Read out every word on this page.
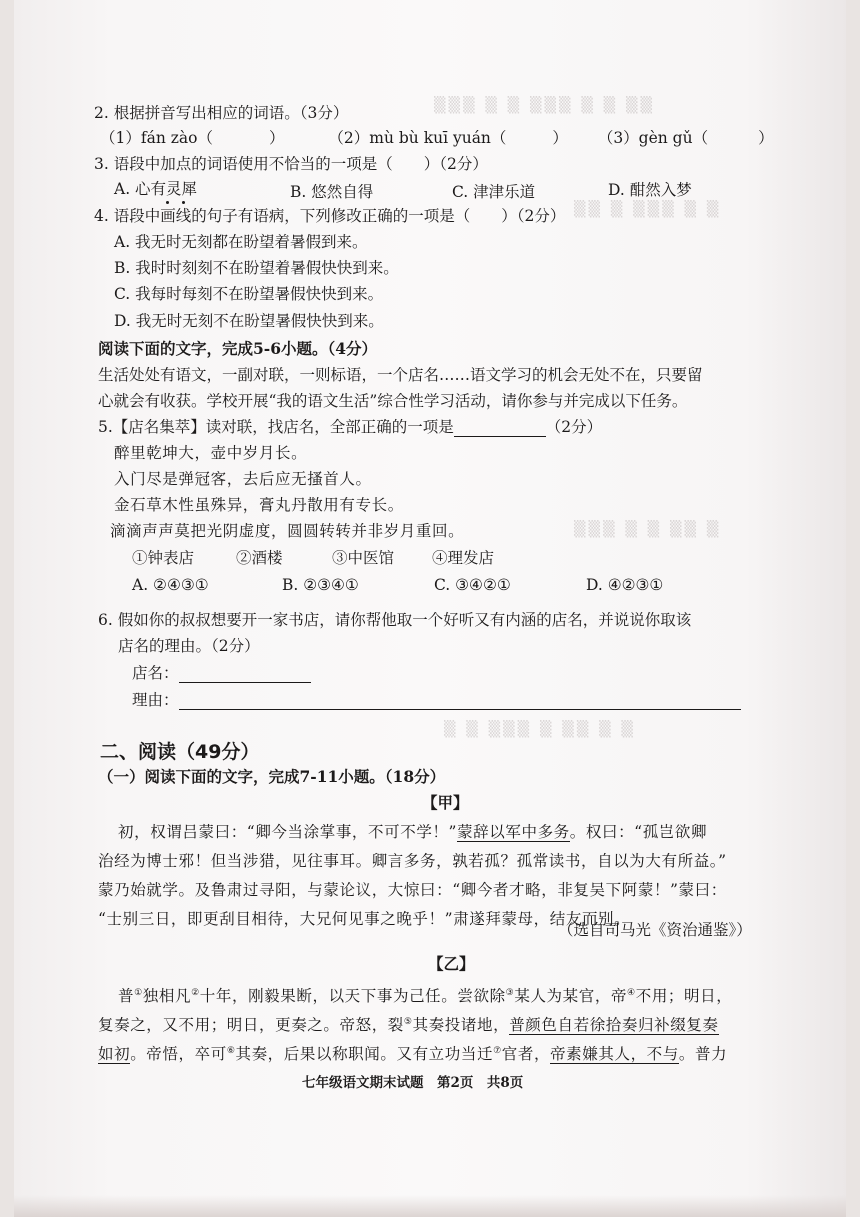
▒▒▒ ▒ ▒ ▒▒▒ ▒ ▒ ▒▒
▒▒ ▒ ▒▒▒ ▒ ▒
▒▒▒ ▒ ▒ ▒▒ ▒
▒ ▒ ▒▒▒ ▒ ▒▒ ▒ ▒
2. 根据拼音写出相应的词语。（3分）
（1）fán zào（	）	（2）mù bù kuī yuán（	） （3）gèn gǔ（	）
3. 语段中加点的词语使用不恰当的一项是（　　）（2分）
A. 心有灵犀	B. 悠然自得	C. 津津乐道	D. 酣然入梦
4. 语段中画线的句子有语病，下列修改正确的一项是（　　）（2分）
A. 我无时无刻都在盼望着暑假到来。
B. 我时时刻刻不在盼望着暑假快快到来。
C. 我每时每刻不在盼望暑假快快到来。
D. 我无时无刻不在盼望暑假快快到来。
阅读下面的文字，完成5-6小题。（4分）
生活处处有语文，一副对联，一则标语，一个店名……语文学习的机会无处不在，只要留
心就会有收获。学校开展“我的语文生活”综合性学习活动，请你参与并完成以下任务。
5.【店名集萃】读对联，找店名，全部正确的一项是	（2分）
醉里乾坤大，壶中岁月长。
入门尽是弹冠客，去后应无搔首人。
金石草木性虽殊异，膏丸丹散用有专长。
滴滴声声莫把光阴虚度，圆圆转转并非岁月重回。
①钟表店	②酒楼	③中医馆 ④理发店
A. ②④③①	B. ②③④①	C. ③④②①	D. ④②③①
6. 假如你的叔叔想要开一家书店，请你帮他取一个好听又有内涵的店名，并说说你取该
店名的理由。（2分）
店名：
理由：
二、阅读（49分）
（一）阅读下面的文字，完成7-11小题。（18分）
【甲】
初，权谓吕蒙曰：“卿今当涂掌事，不可不学！”蒙辞以军中多务。权曰：“孤岂欲卿
治经为博士邪！但当涉猎，见往事耳。卿言多务，孰若孤？孤常读书，自以为大有所益。”
蒙乃始就学。及鲁肃过寻阳，与蒙论议，大惊曰：“卿今者才略，非复吴下阿蒙！”蒙曰：
“士别三日，即更刮目相待，大兄何见事之晚乎！”肃遂拜蒙母，结友而别。
（选自司马光《资治通鉴》）
【乙】
普①独相凡②十年，刚毅果断，以天下事为己任。尝欲除③某人为某官，帝④不用；明日，
复奏之，又不用；明日，更奏之。帝怒，裂⑤其奏投诸地，普颜色自若徐拾奏归补缀复奏
如初。帝悟，卒可⑥其奏，后果以称职闻。又有立功当迁⑦官者，帝素嫌其人，不与。普力
七年级语文期末试题　第2页　共8页
